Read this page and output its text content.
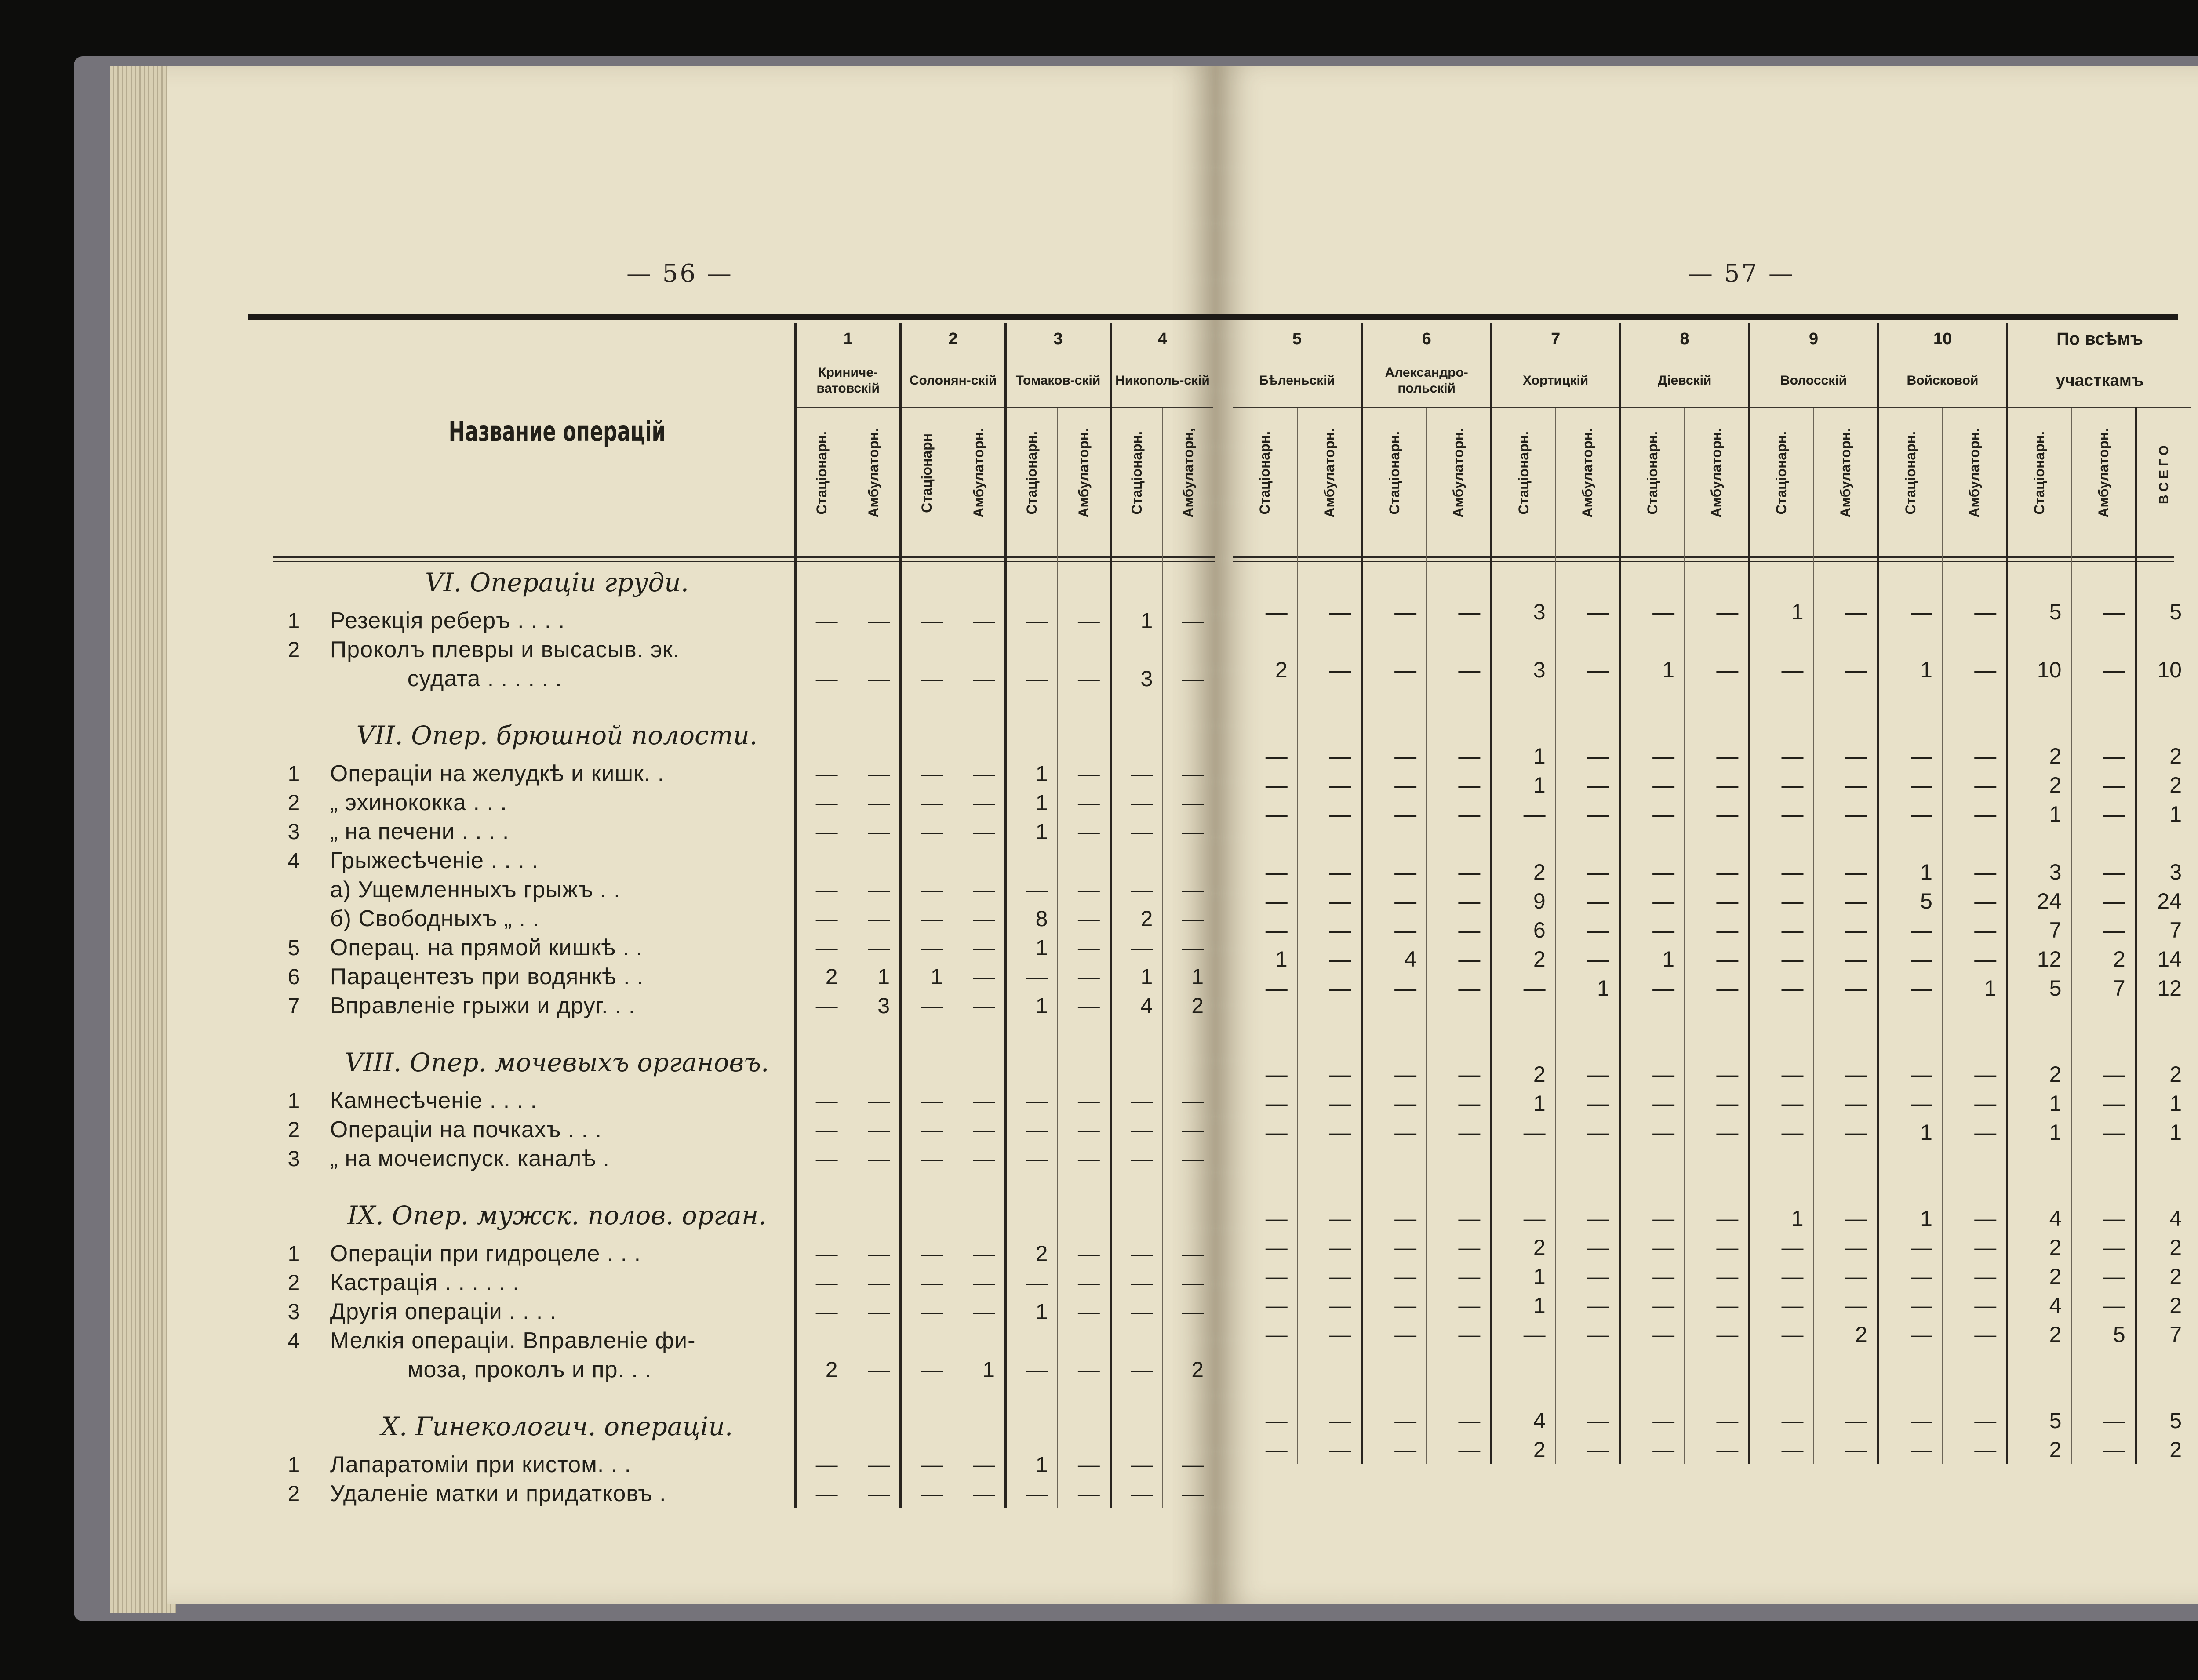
— 56 —

	Название операцій	1		2		3		4	
		Криниче-ватовскій		Солонян-скій		Томаков-скій		Никополь-скій	
		Стаціонарн.	Амбулаторн.	Стаціонарн	Амбулаторн.	Стаціонарн.	Амбулаторн.	Стаціонарн.	Амбулаторн,
	VI. Операціи груди.								
1	Резекція реберъ . . . .	—	—	—	—	—	—	1	—
2	Проколъ плевры и высасыв. эк.								
	судата . . . . . .	—	—	—	—	—	—	3	—
	VII. Опер. брюшной полости.								
1	Операціи на желудкѣ и кишк. .	—	—	—	—	1	—	—	—
2	„ эхинококка . . .	—	—	—	—	1	—	—	—
3	„ на печени . . . .	—	—	—	—	1	—	—	—
4	Грыжесѣченіе . . . .								
	а) Ущемленныхъ грыжъ . .	—	—	—	—	—	—	—	—
	б) Свободныхъ „ . .	—	—	—	—	8	—	2	—
5	Операц. на прямой кишкѣ . .	—	—	—	—	1	—	—	—
6	Парацентезъ при водянкѣ . .	2	1	1	—	—	—	1	1
7	Вправленіе грыжи и друг. . .	—	3	—	—	1	—	4	2
	VIII. Опер. мочевыхъ органовъ.								
1	Камнесѣченіе . . . .	—	—	—	—	—	—	—	—
2	Операціи на почкахъ . . .	—	—	—	—	—	—	—	—
3	„ на мочеиспуск. каналѣ .	—	—	—	—	—	—	—	—
	IX. Опер. мужск. полов. орган.								
1	Операціи при гидроцеле . . .	—	—	—	—	2	—	—	—
2	Кастрація . . . . . .	—	—	—	—	—	—	—	—
3	Другія операціи . . . .	—	—	—	—	1	—	—	—
4	Мелкія операціи. Вправленіе фи-								
	моза, проколъ и пр. . .	2	—	—	1	—	—	—	2
	X. Гинекологич. операціи.								
1	Лапаратоміи при кистом. . .	—	—	—	—	1	—	—	—
2	Удаленіе матки и придатковъ .	—	—	—	—	—	—	—	—
— 57 —
5		6		7		8		9		10		По всѣмъ		
Бѣленьскій		Александро-польскій		Хортицкій		Діевскій		Волосскій		Войсковой		участкамъ		
Стаціонарн.	Амбулаторн.	Стаціонарн.	Амбулаторн.	Стаціонарн.	Амбулаторн.	Стаціонарн.	Амбулаторн.	Стаціонарн.	Амбулаторн.	Стаціонарн.	Амбулаторн.	Стаціонарн.	Амбулаторн.	ВСЕГО

—	—	—	—	3	—	—	—	1	—	—	—	5	—	5

2	—	—	—	3	—	1	—	—	—	1	—	10	—	10

—	—	—	—	1	—	—	—	—	—	—	—	2	—	2
—	—	—	—	1	—	—	—	—	—	—	—	2	—	2
—	—	—	—	—	—	—	—	—	—	—	—	1	—	1

—	—	—	—	2	—	—	—	—	—	1	—	3	—	3
—	—	—	—	9	—	—	—	—	—	5	—	24	—	24
—	—	—	—	6	—	—	—	—	—	—	—	7	—	7
1	—	4	—	2	—	1	—	—	—	—	—	12	2	14
—	—	—	—	—	1	—	—	—	—	—	1	5	7	12

—	—	—	—	2	—	—	—	—	—	—	—	2	—	2
—	—	—	—	1	—	—	—	—	—	—	—	1	—	1
—	—	—	—	—	—	—	—	—	—	1	—	1	—	1

—	—	—	—	—	—	—	—	1	—	1	—	4	—	4
—	—	—	—	2	—	—	—	—	—	—	—	2	—	2
—	—	—	—	1	—	—	—	—	—	—	—	2	—	2
—	—	—	—	1	—	—	—	—	—	—	—	4	—	2
—	—	—	—	—	—	—	—	—	2	—	—	2	5	7

—	—	—	—	4	—	—	—	—	—	—	—	5	—	5
—	—	—	—	2	—	—	—	—	—	—	—	2	—	2
